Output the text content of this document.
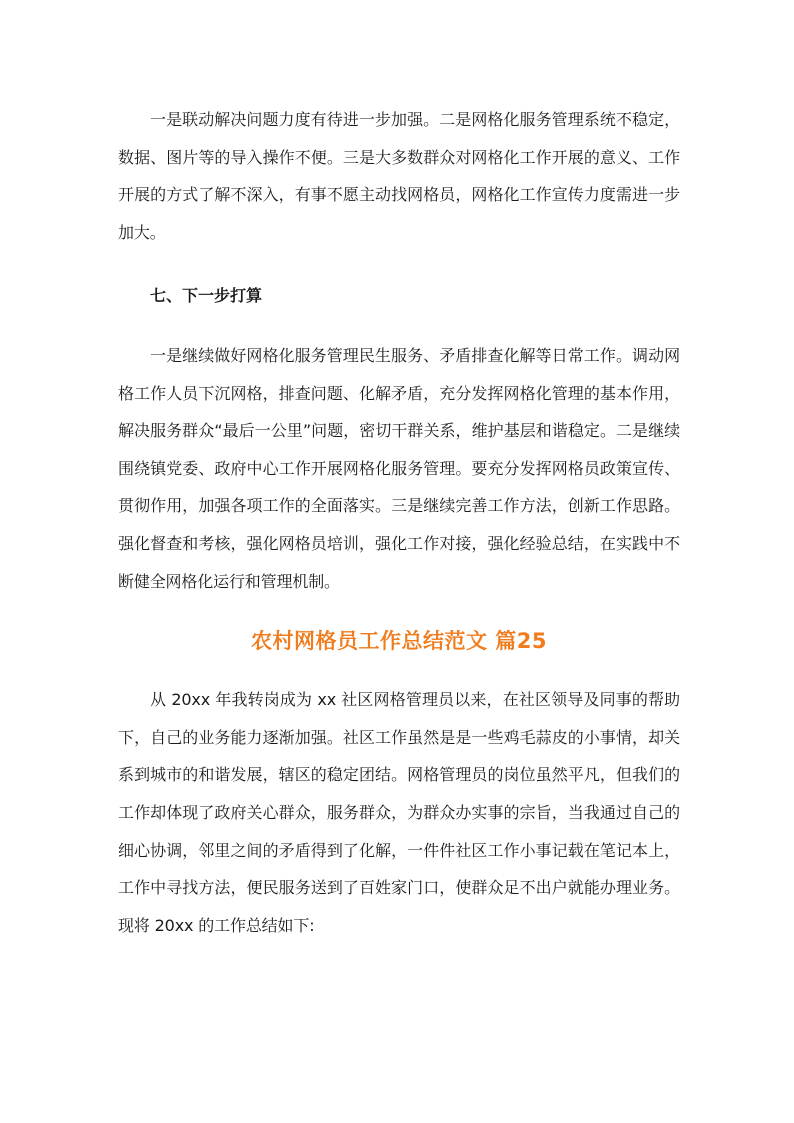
一是联动解决问题力度有待进一步加强。二是网格化服务管理系统不稳定，数据、图片等的导入操作不便。三是大多数群众对网格化工作开展的意义、工作开展的方式了解不深入，有事不愿主动找网格员，网格化工作宣传力度需进一步加大。

七、下一步打算

一是继续做好网格化服务管理民生服务、矛盾排查化解等日常工作。调动网格工作人员下沉网格，排查问题、化解矛盾，充分发挥网格化管理的基本作用，解决服务群众“最后一公里”问题，密切干群关系，维护基层和谐稳定。二是继续围绕镇党委、政府中心工作开展网格化服务管理。要充分发挥网格员政策宣传、贯彻作用，加强各项工作的全面落实。三是继续完善工作方法，创新工作思路。强化督查和考核，强化网格员培训，强化工作对接，强化经验总结，在实践中不断健全网格化运行和管理机制。

农村网格员工作总结范文 篇25

从 20xx 年我转岗成为 xx 社区网格管理员以来，在社区领导及同事的帮助下，自己的业务能力逐渐加强。社区工作虽然是是一些鸡毛蒜皮的小事情，却关系到城市的和谐发展，辖区的稳定团结。网格管理员的岗位虽然平凡，但我们的工作却体现了政府关心群众，服务群众，为群众办实事的宗旨，当我通过自己的细心协调，邻里之间的矛盾得到了化解，一件件社区工作小事记载在笔记本上，工作中寻找方法，便民服务送到了百姓家门口，使群众足不出户就能办理业务。现将 20xx 的工作总结如下:
